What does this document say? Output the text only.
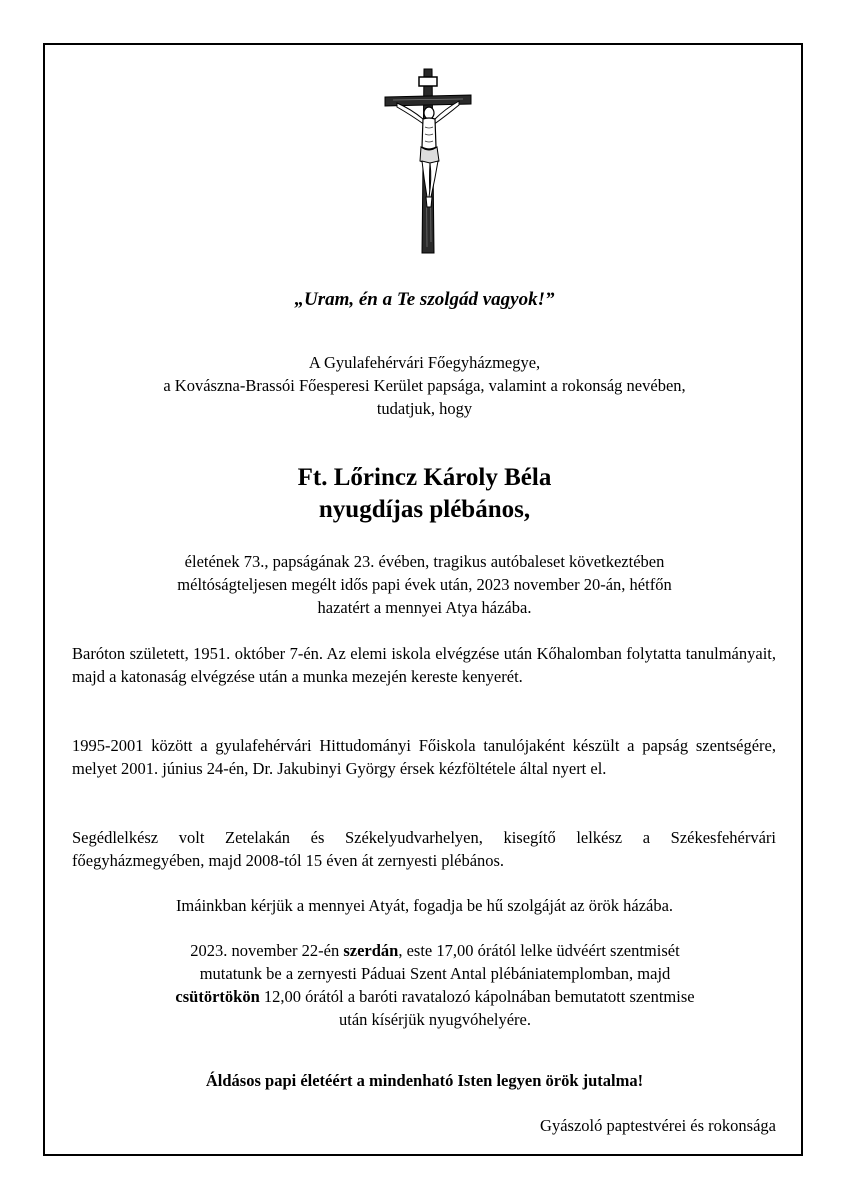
„Uram, én a Te szolgád vagyok!”
A Gyulafehérvári Főegyházmegye,
a Kovászna-Brassói Főesperesi Kerület papsága, valamint a rokonság nevében,
tudatjuk, hogy
Ft. Lőrincz Károly Béla
nyugdíjas plébános,
életének 73., papságának 23. évében, tragikus autóbaleset következtében
méltóságteljesen megélt idős papi évek után, 2023 november 20-án, hétfőn
hazatért a mennyei Atya házába.
Baróton született, 1951. október 7-én. Az elemi iskola elvégzése után Kőhalomban folytatta tanulmányait, majd a katonaság elvégzése után a munka mezején kereste kenyerét.
1995-2001 között a gyulafehérvári Hittudományi Főiskola tanulójaként készült a papság szentségére, melyet 2001. június 24-én, Dr. Jakubinyi György érsek kézföltétele által nyert el.
Segédlelkész volt Zetelakán és Székelyudvarhelyen, kisegítő lelkész a Székesfehérvári főegyházmegyében, majd 2008-tól 15 éven át zernyesti plébános.
Imáinkban kérjük a mennyei Atyát, fogadja be hű szolgáját az örök házába.
2023. november 22-én szerdán, este 17,00 órától lelke üdvéért szentmisét
mutatunk be a zernyesti Páduai Szent Antal plébániatemplomban, majd
csütörtökön 12,00 órától a baróti ravatalozó kápolnában bemutatott szentmise
után kísérjük nyugvóhelyére.
Áldásos papi életéért a mindenható Isten legyen örök jutalma!
Gyászoló paptestvérei és rokonsága
